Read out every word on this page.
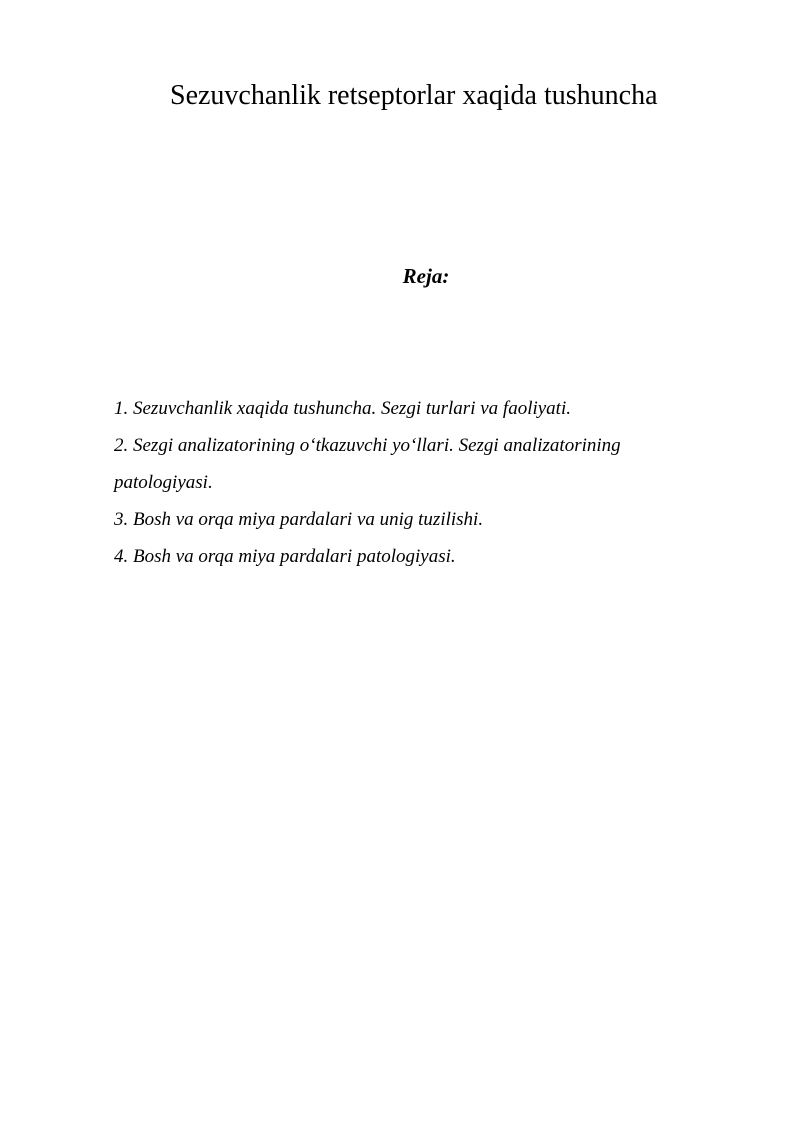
Sezuvchanlik retseptorlar xaqida tushuncha
Reja:
1. Sezuvchanlik xaqida tushuncha. Sezgi turlari va faoliyati.
2. Sezgi analizatorining o‘tkazuvchi yo‘llari. Sezgi analizatorining patologiyasi.
3. Bosh va orqa miya pardalari va unig tuzilishi.
4. Bosh va orqa miya pardalari patologiyasi.
